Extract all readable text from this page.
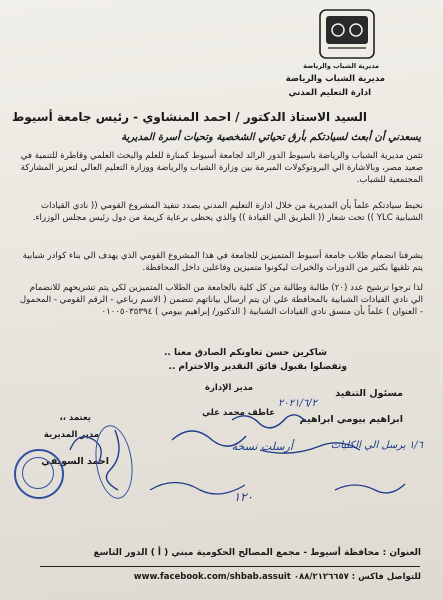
مديرية الشباب والرياضة
مديرية الشباب والرياضة
ادارة التعليم المدني
السيد الاستاذ الدكتور / احمد المنشاوي - رئيس جامعة أسيوط
يسعدني أن أبعث لسيادتكم بأرق تحياتي الشخصية وتحيات أسرة المديرية
تثمن مديرية الشباب والرياضة باسيوط الدور الرائد لجامعة أسيوط كمنارة للعلم والبحث العلمي وقاطرة للتنمية في صعيد مصر، وبالاشارة الي البروتوكولات المبرمة بين وزارة الشباب والرياضة ووزارة التعليم العالي لتعزيز المشاركة المجتمعية للشباب.
نحيط سيادتكم علماً بأن المديرية من خلال ادارة التعليم المدني بصدد تنفيذ المشروع القومي (( نادي القيادات الشبابية YLC )) تحت شعار (( الطريق الي القيادة )) والذي يحظى برعاية كريمة من دول رئيس مجلس الوزراء.
يشرفنا انضمام طلاب جامعة أسيوط المتميزين للجامعة في هذا المشروع القومي الذي يهدف الي بناء كوادر شبابية يتم تلقيها بكثير من الدورات والخبرات ليكونوا متميزين وفاعلين داخل المحافظة.
لذا نرجوا ترشيح عدد (٢٠) طالبة وطالبة من كل كلية بالجامعة من الطلاب المتميزين لكي يتم تشريحهم للانضمام الي نادي القيادات الشبابية بالمحافظة علي ان يتم ارسال بياناتهم تتضمن ( الاسم رباعي - الرقم القومي - المحمول - العنوان ) علماً بأن منسق نادي القيادات الشبابية ( الدكتور/ إبراهيم بيومي ) ٠١٠٠٥٠٣٥٣٩٤
شاكرين حسن تعاونكم الصادق معنا ..
وتفضلوا بقبول فائق التقدير والاحترام ..
مدير الإدارة
عاطف محمد علي
مسئول التنفيذ
ابراهيم بيومي ابراهيم
يعتمد ،،
مدير المديرية
احمد السويفي
٢٠٢١/٦/٢
أرسلت نسخة
١٢٠
١/٦ يرسل الي الكليات
​
العنوان : محافظة أسيوط - مجمع المصالح الحكومية مبني ( أ ) الدور التاسع
للتواصل فاكس : ٠٨٨/٢١٢٦٦٥٧ www.facebook.com/shbab.assuit
